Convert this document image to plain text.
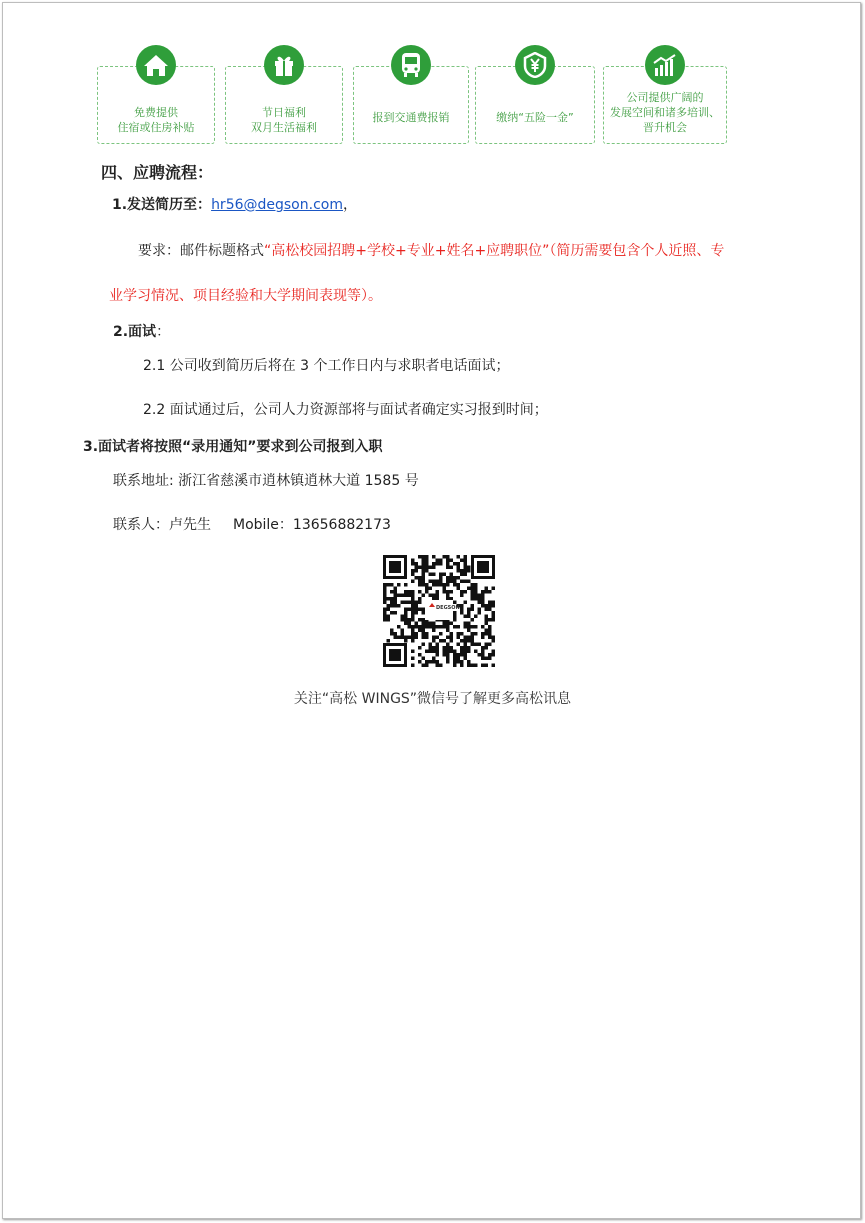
免费提供
住宿或住房补贴
节日福利
双月生活福利
报到交通费报销	缴纳“五险一金”
公司提供广阔的
发展空间和诸多培训、
晋升机会
四、应聘流程：
1.发送简历至：hr56@degson.com，
要求：邮件标题格式“高松校园招聘+学校+专业+姓名+应聘职位”（简历需要包含个人近照、专
业学习情况、项目经验和大学期间表现等）。
2.面试：
2.1 公司收到简历后将在 3 个工作日内与求职者电话面试；
2.2 面试通过后，公司人力资源部将与面试者确定实习报到时间；
3.面试者将按照“录用通知”要求到公司报到入职
联系地址: 浙江省慈溪市逍林镇逍林大道 1585 号
联系人：卢先生 Mobile：13656882173
DEGSON
关注“高松 WINGS”微信号了解更多高松讯息
